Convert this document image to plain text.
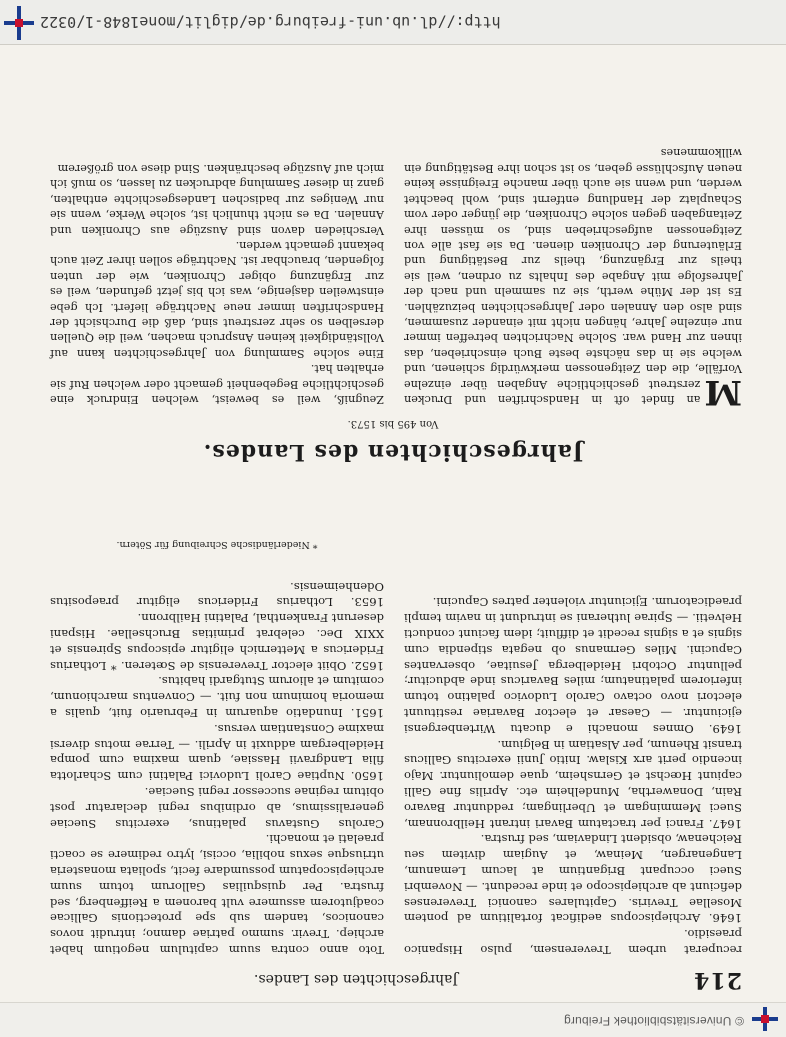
© Universitätsbibliothek Freiburg
214
Jahrgeschichten des Landes.

recuperat urbem Treverensem, pulso Hispanico praesidio.

1646. Archiepiscopus aedificat fortalitium ad pontem Mosellae Treviris. Capitulares canonici Treverenses deficiunt ab archiepiscopo et inde recedunt. — Novembri Sueci occupant Brigantium at lacum Lemanum, Langenargen, Meinaw, et Augiam divitem seu Reichenaw, obsident Lindaviam, sed frustra.

1647. Franci per tractatum Bavari intrant Heilbronnam, Sueci Memmingam et Uberlingam; redduntur Bavaro Rain, Donawertha, Mundelheim etc. Aprilis fine Galli capiunt Hœchst et Gernsheim, quae demoliuntur. Majo incendio perit arx Kislaw. Initio Junii exercitus Gallicus transit Rhenum, per Alsatiam in Belgium.

1649. Omnes monachi e ducatu Wirtenbergensi ejiciuntur. — Caesar et elector Bavariae restituunt electori novo octavo Carolo Ludovico palatino totum inferiorem palatinatum; miles Bavaricus inde abducitur; pelluntur Octobri Heidelberga Jesuitae, observantes Capucini. Miles Germanus ob negata stipendia cum signis et a signis recedit et diffluit; idem faciunt conducti Helvetii. — Spirae lutherani se intrudunt in navim templi praedicatorum. Ejiciuntur violenter patres Capucini.

Toto anno contra suum capitulum negotium habet archiep. Trevir. summo patriae damno; intrudit novos canonicos, tandem sub spe protectionis Gallicae coadjutorem assumere vult baronem a Reiffenberg, sed frustra. Per quisquilias Gallorum totum suum archiepiscopatum possumdare fecit, spoliata monasteria utriusque sexus nobilia, occisi, lytro redimere se coacti praelati et monachi.

Carolus Gustavus palatinus, exercitus Sueciae generalissimus, ab ordinibus regni declaratur post obitum reginae successor regni Sueciae.

1650. Nuptiae Caroli Ludovici Palatini cum Scharlotta filia Landgravii Hassiae, quam maxima cum pompa Heidelbergam adduxit in Aprili. — Terrae motus diversi maxime Constantiam versus.

1651. Inundatio aquarum in Februario fuit, qualis a memoria hominum non fuit. — Conventus marchionum, comitum et aliorum Stutgardi habitus.

1652. Obiit elector Treverensis de Sœteren. * Lotharius Fridericus a Metternich eligitur episcopus Spirensis et XXIX Dec. celebrat primitias Bruchsellae. Hispani deserunt Frankenthal, Palatini Hailbronn.

1653. Lotharius Fridericus eligitur praepositus Odenheimensis.

* Niederländische Schreibung für Sötern.
Jahrgeschichten des Landes.
Von 495 bis 1573.

M
an findet oft in Handschriften und Drucken zerstreut geschichtliche Angaben über einzelne Vorfälle, die den Zeitgenossen merkwürdig schienen, und welche sie in das nächste beste Buch einschrieben, das ihnen zur Hand war. Solche Nachrichten betreffen immer nur einzelne Jahre, hängen nicht mit einander zusammen, sind also den Annalen oder Jahrgeschichten beizuzählen. Es ist der Mühe werth, sie zu sammeln und nach der Jahresfolge mit Angabe des Inhalts zu ordnen, weil sie theils zur Ergänzung, theils zur Bestätigung und Erläuterung der Chroniken dienen. Da sie fast alle von Zeitgenossen aufgeschrieben sind, so müssen ihre Zeitangaben gegen solche Chroniken, die jünger oder vom Schauplatz der Handlung entfernt sind, wohl beachtet werden, und wenn sie auch über manche Ereignisse keine neuen Aufschlüsse geben, so ist schon ihre Bestätigung ein willkommenes

Zeugniß, weil es beweist, welchen Eindruck eine geschichtliche Begebenheit gemacht oder welchen Ruf sie erhalten hat.

Eine solche Sammlung von Jahrgeschichten kann auf Vollständigkeit keinen Anspruch machen, weil die Quellen derselben so sehr zerstreut sind, daß die Durchsicht der Handschriften immer neue Nachträge liefert. Ich gebe einstweilen dasjenige, was ich bis jetzt gefunden, weil es zur Ergänzung obiger Chroniken, wie der unten folgenden, brauchbar ist. Nachträge sollen ihrer Zeit auch bekannt gemacht werden.

Verschieden davon sind Auszüge aus Chroniken und Annalen. Da es nicht thunlich ist, solche Werke, wenn sie nur Weniges zur badischen Landesgeschichte enthalten, ganz in dieser Sammlung abdrucken zu lassen, so muß ich mich auf Auszüge beschränken. Sind diese von größerem

http://dl.ub.uni-freiburg.de/diglit/mone1848-1/0322
